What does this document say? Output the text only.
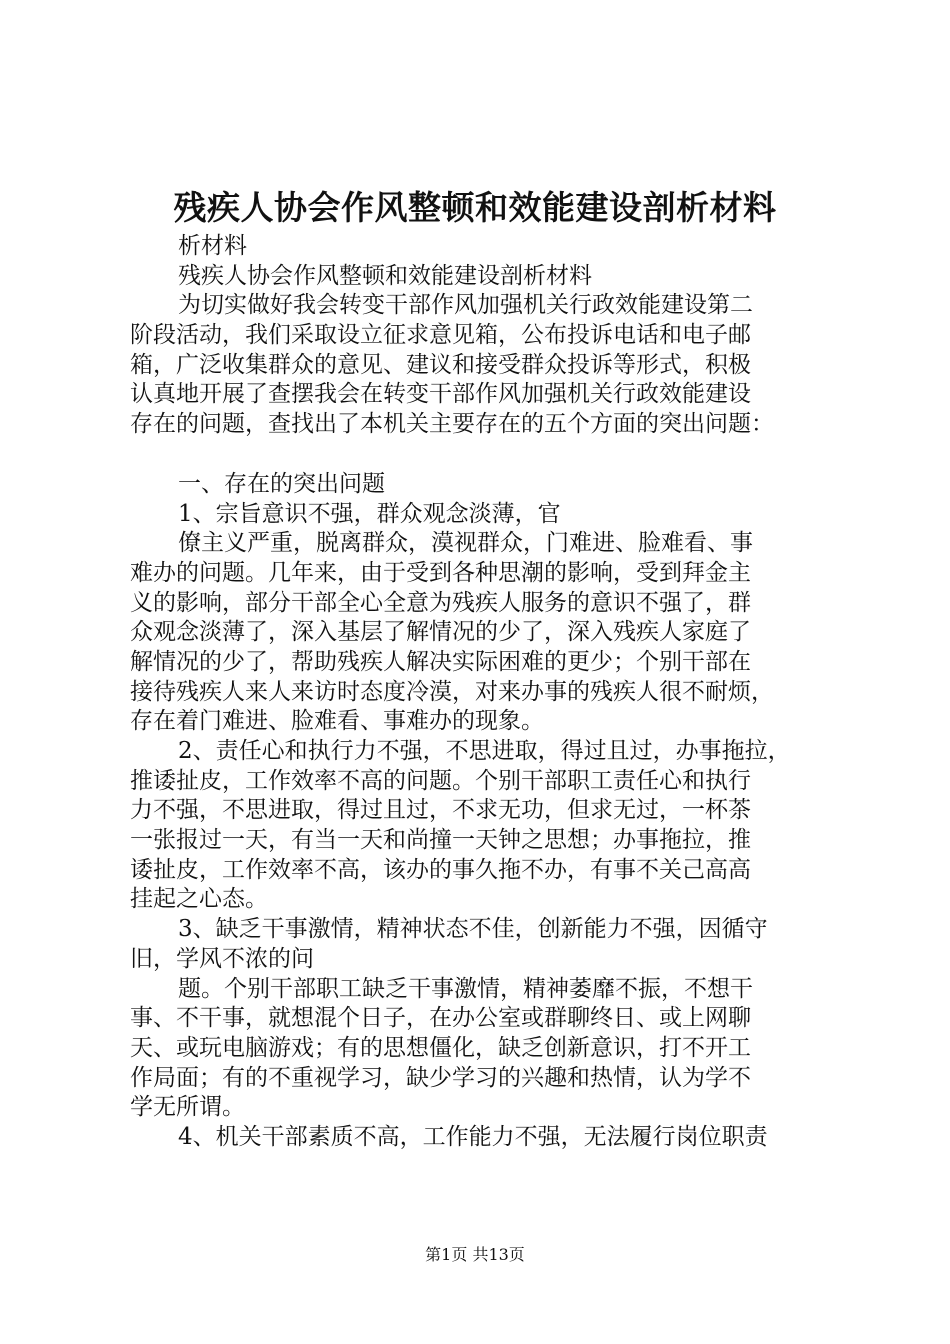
残疾人协会作风整顿和效能建设剖析材料
析材料
残疾人协会作风整顿和效能建设剖析材料
为切实做好我会转变干部作风加强机关行政效能建设第二
阶段活动，我们采取设立征求意见箱，公布投诉电话和电子邮
箱，广泛收集群众的意见、建议和接受群众投诉等形式，积极
认真地开展了查摆我会在转变干部作风加强机关行政效能建设
存在的问题，查找出了本机关主要存在的五个方面的突出问题：
一、存在的突出问题
1、宗旨意识不强，群众观念淡薄，官
僚主义严重，脱离群众，漠视群众，门难进、脸难看、事
难办的问题。几年来，由于受到各种思潮的影响，受到拜金主
义的影响，部分干部全心全意为残疾人服务的意识不强了，群
众观念淡薄了，深入基层了解情况的少了，深入残疾人家庭了
解情况的少了，帮助残疾人解决实际困难的更少；个别干部在
接待残疾人来人来访时态度冷漠，对来办事的残疾人很不耐烦，
存在着门难进、脸难看、事难办的现象。
2、责任心和执行力不强，不思进取，得过且过，办事拖拉，
推诿扯皮，工作效率不高的问题。个别干部职工责任心和执行
力不强，不思进取，得过且过，不求无功，但求无过，一杯茶
一张报过一天，有当一天和尚撞一天钟之思想；办事拖拉，推
诿扯皮，工作效率不高，该办的事久拖不办，有事不关己高高
挂起之心态。
3、缺乏干事激情，精神状态不佳，创新能力不强，因循守
旧，学风不浓的问
题。个别干部职工缺乏干事激情，精神萎靡不振，不想干
事、不干事，就想混个日子，在办公室或群聊终日、或上网聊
天、或玩电脑游戏；有的思想僵化，缺乏创新意识，打不开工
作局面；有的不重视学习，缺少学习的兴趣和热情，认为学不
学无所谓。
4、机关干部素质不高，工作能力不强，无法履行岗位职责
第1页 共13页
